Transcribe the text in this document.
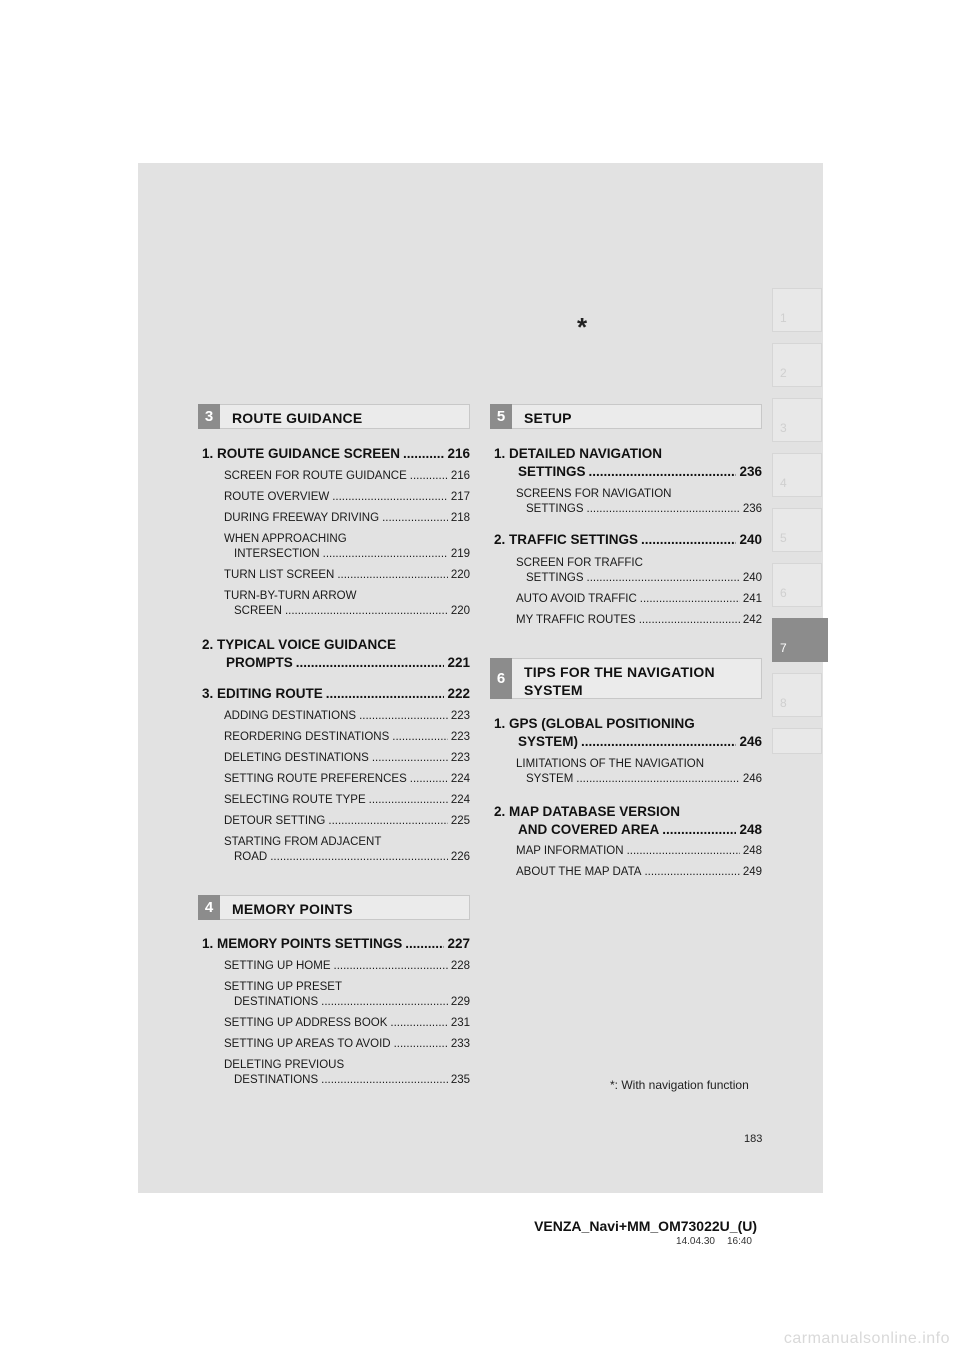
*	1
2
3
4
5
6
7
8
3	ROUTE GUIDANCE
1. ROUTE GUIDANCE SCREEN .....	216
SCREEN FOR ROUTE GUIDANCE .....	216
ROUTE OVERVIEW .....	217
DURING FREEWAY DRIVING .....	218
WHEN APPROACHING
INTERSECTION .....	219
TURN LIST SCREEN .....	220
TURN-BY-TURN ARROW
SCREEN .....	220
2. TYPICAL VOICE GUIDANCE
PROMPTS .....	221
3. EDITING ROUTE .....	222
ADDING DESTINATIONS .....	223
REORDERING DESTINATIONS .....	223
DELETING DESTINATIONS .....	223
SETTING ROUTE PREFERENCES .....	224
SELECTING ROUTE TYPE .....	224
DETOUR SETTING .....	225
STARTING FROM ADJACENT
ROAD .....	226
4	MEMORY POINTS
1. MEMORY POINTS SETTINGS .....	227
SETTING UP HOME .....	228
SETTING UP PRESET
DESTINATIONS .....	229
SETTING UP ADDRESS BOOK .....	231
SETTING UP AREAS TO AVOID .....	233
DELETING PREVIOUS
DESTINATIONS .....	235
5	SETUP
1. DETAILED NAVIGATION
SETTINGS .....	236
SCREENS FOR NAVIGATION
SETTINGS .....	236
2. TRAFFIC SETTINGS .....	240
SCREEN FOR TRAFFIC
SETTINGS .....	240
AUTO AVOID TRAFFIC .....	241
MY TRAFFIC ROUTES .....	242
6	TIPS FOR THE NAVIGATION
SYSTEM
1. GPS (GLOBAL POSITIONING
SYSTEM) .....	246
LIMITATIONS OF THE NAVIGATION
SYSTEM .....	246
2. MAP DATABASE VERSION
AND COVERED AREA .....	248
MAP INFORMATION .....	248
ABOUT THE MAP DATA .....	249
*: With navigation function
183
VENZA_Navi+MM_OM73022U_(U)
14.04.30 16:40
carmanualsonline.info
